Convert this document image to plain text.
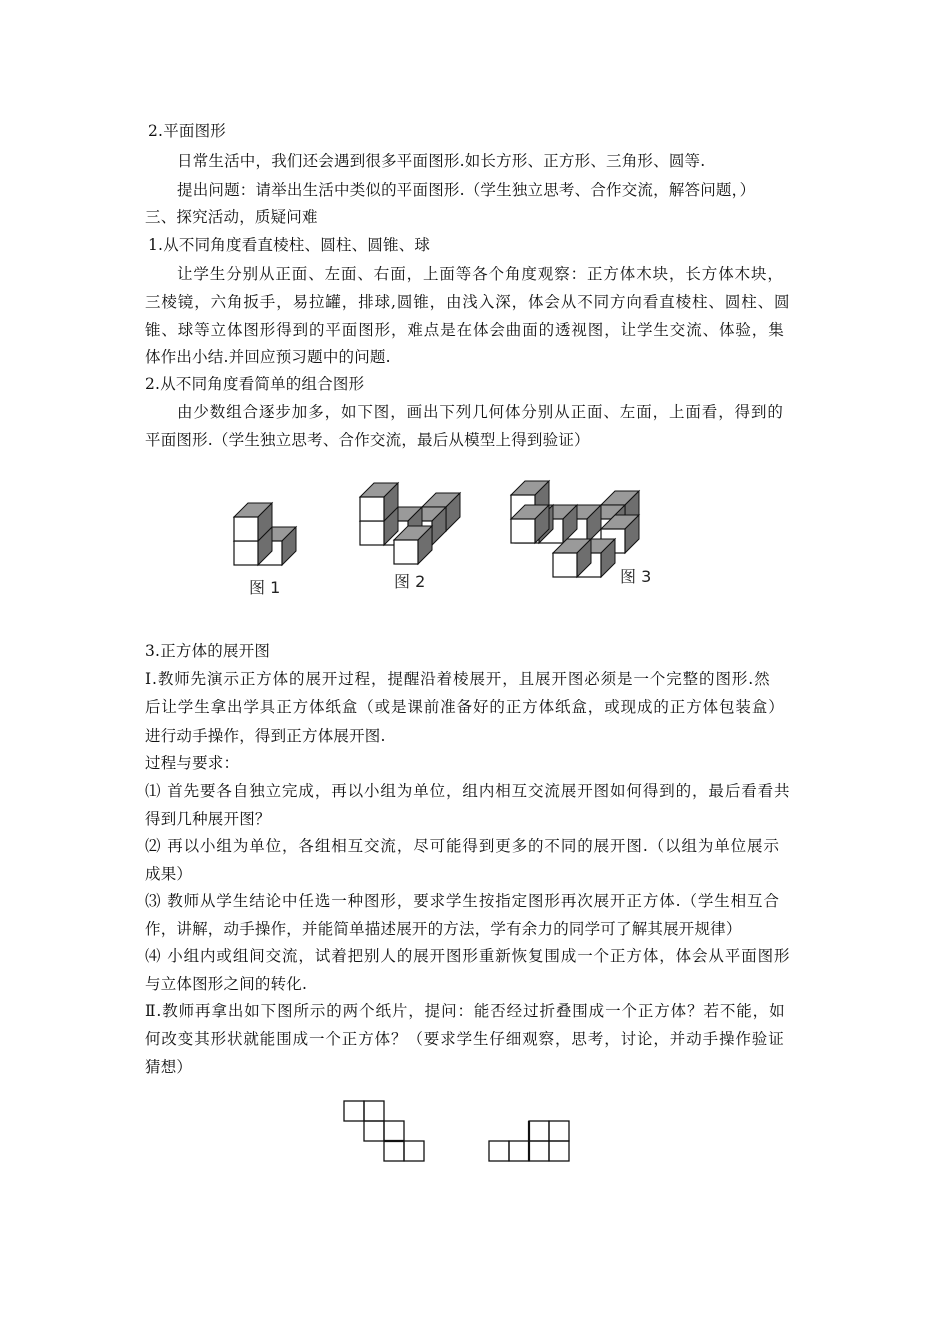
2.平面图形
日常生活中，我们还会遇到很多平面图形.如长方形、正方形、三角形、圆等.
提出问题：请举出生活中类似的平面图形.（学生独立思考、合作交流，解答问题，）
三、探究活动，质疑问难
1.从不同角度看直棱柱、圆柱、圆锥、球
让学生分别从正面、左面、右面，上面等各个角度观察：正方体木块，长方体木块，
三棱镜，六角扳手，易拉罐，排球,圆锥，由浅入深，体会从不同方向看直棱柱、圆柱、圆
锥、球等立体图形得到的平面图形，难点是在体会曲面的透视图，让学生交流、体验，集
体作出小结.并回应预习题中的问题.
2.从不同角度看简单的组合图形
由少数组合逐步加多，如下图，画出下列几何体分别从正面、左面，上面看，得到的
平面图形.（学生独立思考、合作交流，最后从模型上得到验证）
图 1	图 2	图 3
3.正方体的展开图
Ⅰ.教师先演示正方体的展开过程，提醒沿着棱展开，且展开图必须是一个完整的图形.然
后让学生拿出学具正方体纸盒（或是课前准备好的正方体纸盒，或现成的正方体包装盒）
进行动手操作，得到正方体展开图.
过程与要求：
⑴ 首先要各自独立完成，再以小组为单位，组内相互交流展开图如何得到的，最后看看共
得到几种展开图？
⑵ 再以小组为单位，各组相互交流，尽可能得到更多的不同的展开图.（以组为单位展示
成果）
⑶ 教师从学生结论中任选一种图形，要求学生按指定图形再次展开正方体.（学生相互合
作，讲解，动手操作，并能简单描述展开的方法，学有余力的同学可了解其展开规律）
⑷ 小组内或组间交流，试着把别人的展开图形重新恢复围成一个正方体，体会从平面图形
与立体图形之间的转化.
Ⅱ.教师再拿出如下图所示的两个纸片，提问：能否经过折叠围成一个正方体？若不能，如
何改变其形状就能围成一个正方体？（要求学生仔细观察，思考，讨论，并动手操作验证
猜想）
